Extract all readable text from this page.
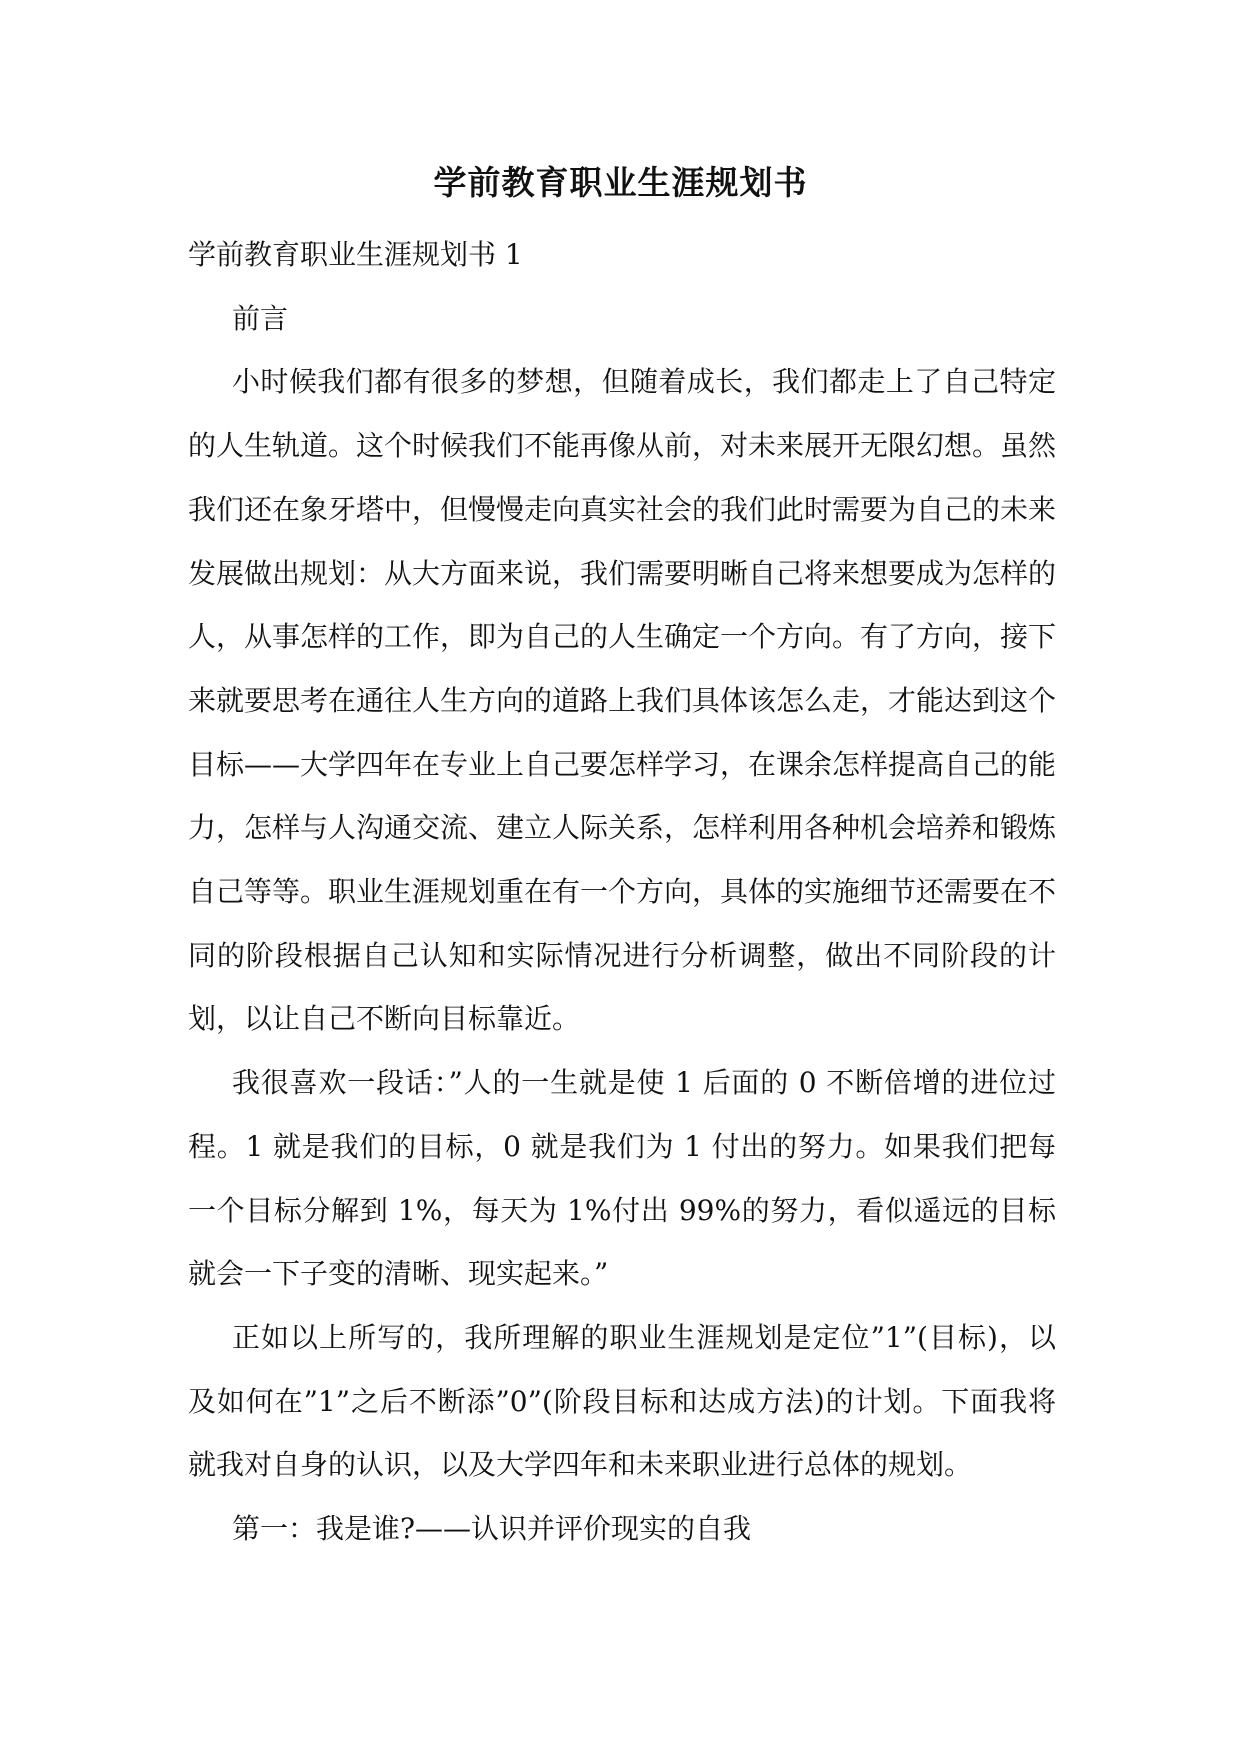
学前教育职业生涯规划书

学前教育职业生涯规划书 1

前言

小时候我们都有很多的梦想，但随着成长，我们都走上了自己特定的人生轨道。这个时候我们不能再像从前，对未来展开无限幻想。虽然我们还在象牙塔中，但慢慢走向真实社会的我们此时需要为自己的未来发展做出规划：从大方面来说，我们需要明晰自己将来想要成为怎样的人，从事怎样的工作，即为自己的人生确定一个方向。有了方向，接下来就要思考在通往人生方向的道路上我们具体该怎么走，才能达到这个目标——大学四年在专业上自己要怎样学习，在课余怎样提高自己的能力，怎样与人沟通交流、建立人际关系，怎样利用各种机会培养和锻炼自己等等。职业生涯规划重在有一个方向，具体的实施细节还需要在不同的阶段根据自己认知和实际情况进行分析调整，做出不同阶段的计划，以让自己不断向目标靠近。

我很喜欢一段话：”人的一生就是使 1 后面的 0 不断倍增的进位过程。1 就是我们的目标，0 就是我们为 1 付出的努力。如果我们把每一个目标分解到 1%，每天为 1%付出 99%的努力，看似遥远的目标就会一下子变的清晰、现实起来。”

正如以上所写的，我所理解的职业生涯规划是定位”1”(目标)，以及如何在”1”之后不断添”0”(阶段目标和达成方法)的计划。下面我将就我对自身的认识，以及大学四年和未来职业进行总体的规划。

第一：我是谁?——认识并评价现实的自我
